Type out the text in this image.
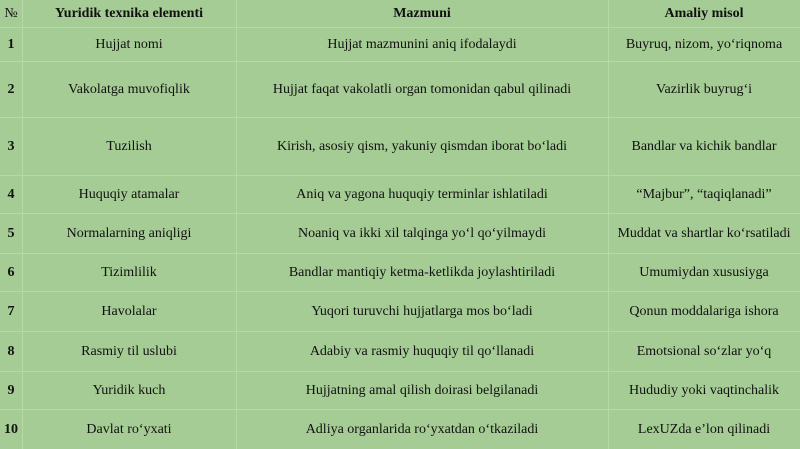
№	Yuridik texnika elementi	Mazmuni	Amaliy misol
1	Hujjat nomi	Hujjat mazmunini aniq ifodalaydi	Buyruq, nizom, yoʻriqnoma
2	Vakolatga muvofiqlik	Hujjat faqat vakolatli organ tomonidan qabul qilinadi	Vazirlik buyrugʻi
3	Tuzilish	Kirish, asosiy qism, yakuniy qismdan iborat boʻladi	Bandlar va kichik bandlar
4	Huquqiy atamalar	Aniq va yagona huquqiy terminlar ishlatiladi	“Majbur”, “taqiqlanadi”
5	Normalarning aniqligi	Noaniq va ikki xil talqinga yoʻl qoʻyilmaydi	Muddat va shartlar koʻrsatiladi
6	Tizimlilik	Bandlar mantiqiy ketma-ketlikda joylashtiriladi	Umumiydan xususiyga
7	Havolalar	Yuqori turuvchi hujjatlarga mos boʻladi	Qonun moddalariga ishora
8	Rasmiy til uslubi	Adabiy va rasmiy huquqiy til qoʻllanadi	Emotsional soʻzlar yoʻq
9	Yuridik kuch	Hujjatning amal qilish doirasi belgilanadi	Hududiy yoki vaqtinchalik
10	Davlat roʻyxati	Adliya organlarida roʻyxatdan oʻtkaziladi	LexUZda eʼlon qilinadi
